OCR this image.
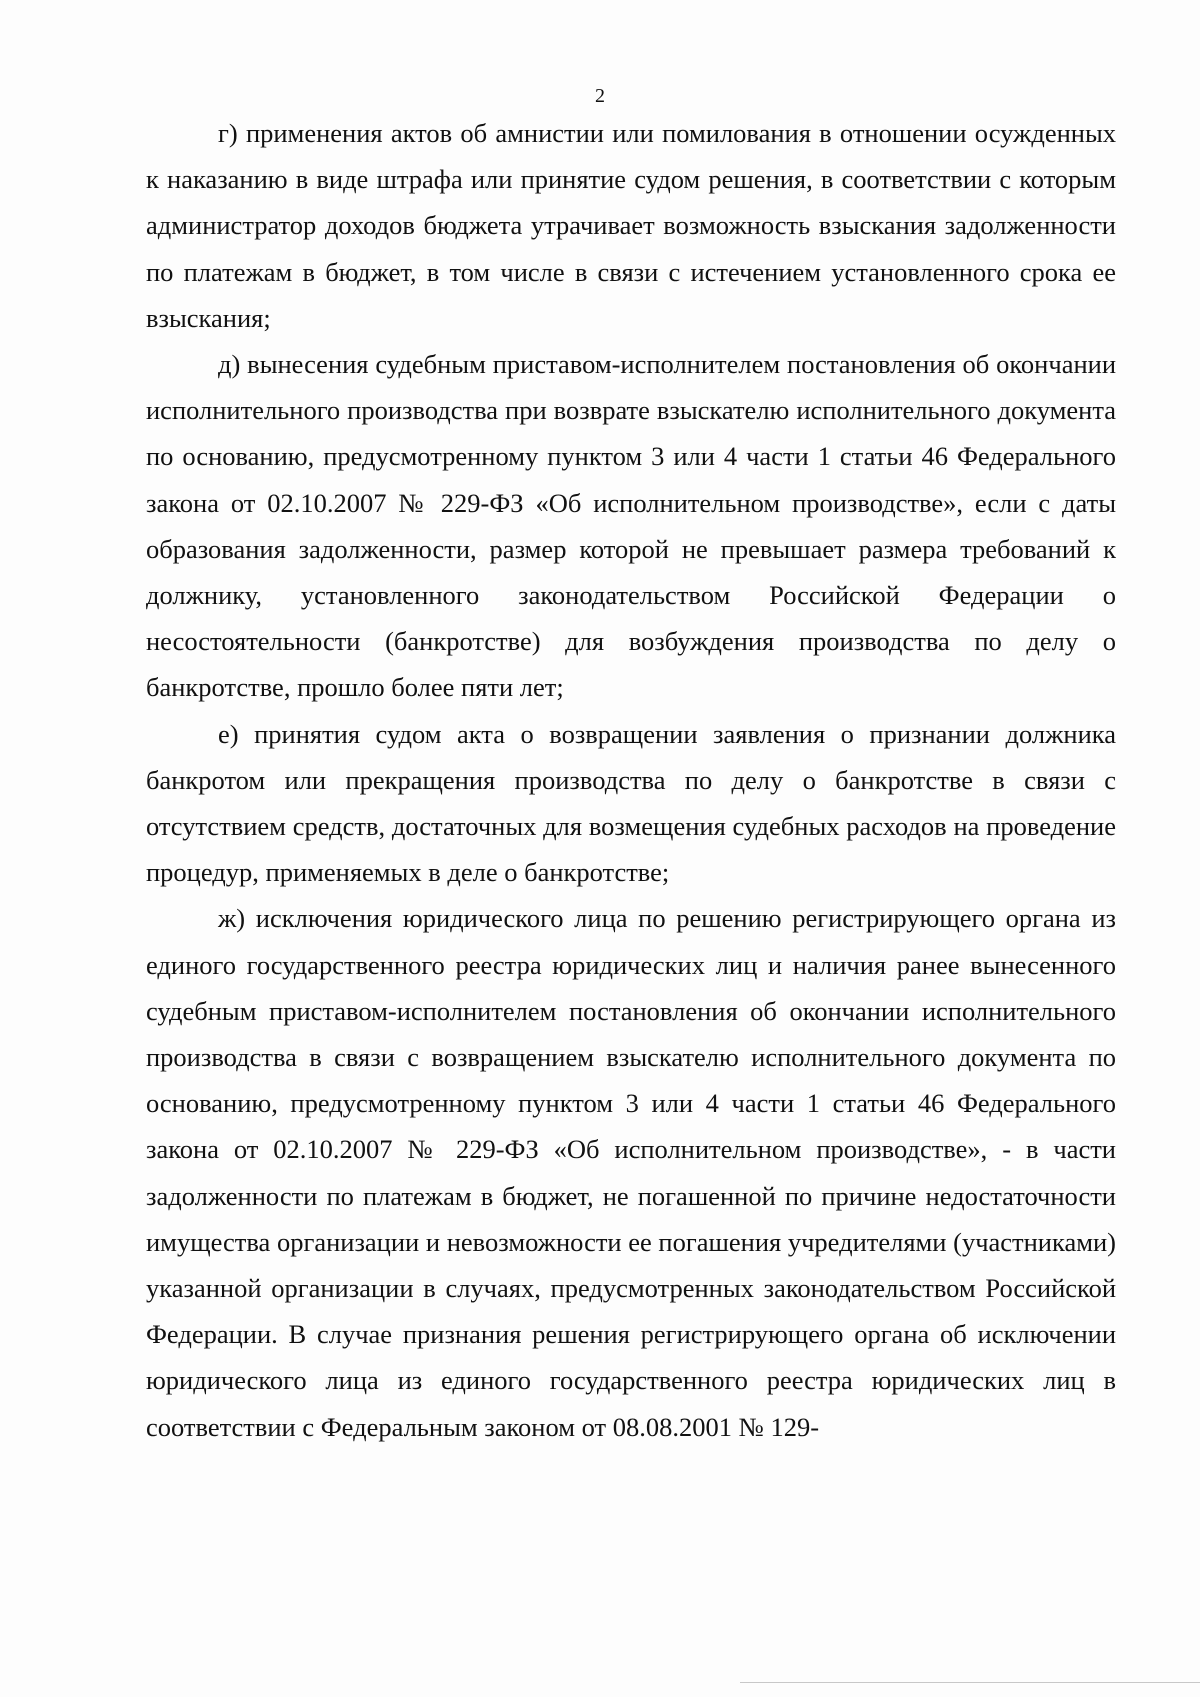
2

г) применения актов об амнистии или помилования в отношении осужденных к наказанию в виде штрафа или принятие судом решения, в соответствии с которым администратор доходов бюджета утрачивает возможность взыскания задолженности по платежам в бюджет, в том числе в связи с истечением установленного срока ее взыскания;

д) вынесения судебным приставом-исполнителем постановления об окончании исполнительного производства при возврате взыскателю исполнительного документа по основанию, предусмотренному пунктом 3 или 4 части 1 статьи 46 Федерального закона от 02.10.2007 № 229-ФЗ «Об исполнительном производстве», если с даты образования задолженности, размер которой не превышает размера требований к должнику, установленного законодательством Российской Федерации о несостоятельности (банкротстве) для возбуждения производства по делу о банкротстве, прошло более пяти лет;

е) принятия судом акта о возвращении заявления о признании должника банкротом или прекращения производства по делу о банкротстве в связи с отсутствием средств, достаточных для возмещения судебных расходов на проведение процедур, применяемых в деле о банкротстве;

ж) исключения юридического лица по решению регистрирующего органа из единого государственного реестра юридических лиц и наличия ранее вынесенного судебным приставом-исполнителем постановления об окончании исполнительного производства в связи с возвращением взыскателю исполнительного документа по основанию, предусмотренному пунктом 3 или 4 части 1 статьи 46 Федерального закона от 02.10.2007 № 229-ФЗ «Об исполнительном производстве», - в части задолженности по платежам в бюджет, не погашенной по причине недостаточности имущества организации и невозможности ее погашения учредителями (участниками) указанной организации в случаях, предусмотренных законодательством Российской Федерации. В случае признания решения регистрирующего органа об исключении юридического лица из единого государственного реестра юридических лиц в соответствии с Федеральным законом от 08.08.2001 № 129-
